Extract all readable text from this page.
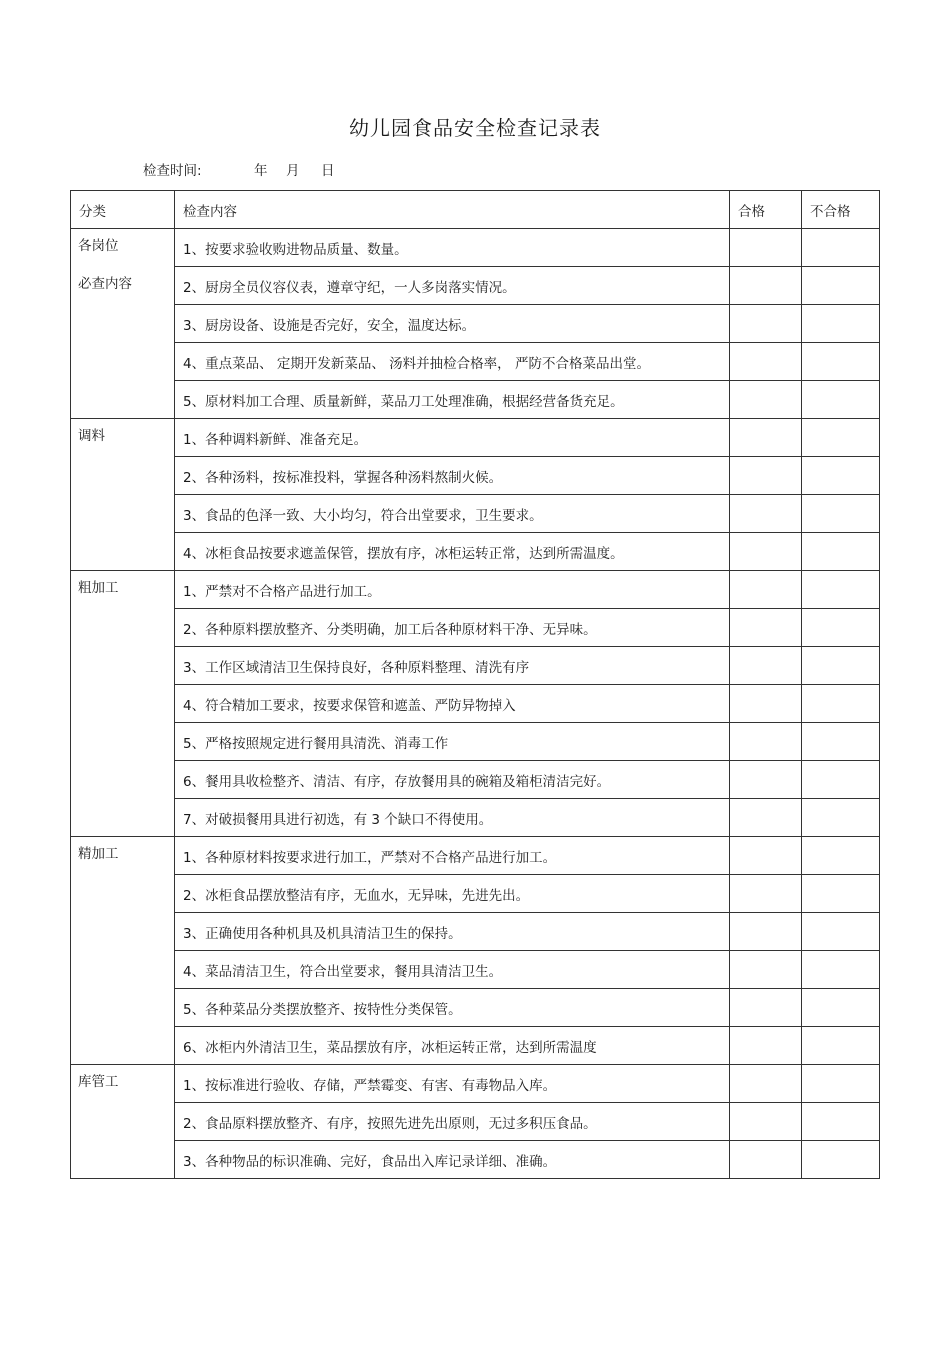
幼儿园食品安全检查记录表
检查时间:	年 月 日
分类	检查内容	合格	不合格

各岗位
必查内容	1、按要求验收购进物品质量、数量。		
	2、厨房全员仪容仪表，遵章守纪，一人多岗落实情况。		
	3、厨房设备、设施是否完好，安全，温度达标。		
	4、重点菜品、 定期开发新菜品、 汤料并抽检合格率， 严防不合格菜品出堂。		
	5、原材料加工合理、质量新鲜，菜品刀工处理准确，根据经营备货充足。		

调料	1、各种调料新鲜、准备充足。		
	2、各种汤料，按标准投料，掌握各种汤料熬制火候。		
	3、食品的色泽一致、大小均匀，符合出堂要求，卫生要求。		
	4、冰柜食品按要求遮盖保管，摆放有序，冰柜运转正常，达到所需温度。		

粗加工	1、严禁对不合格产品进行加工。		
	2、各种原料摆放整齐、分类明确，加工后各种原材料干净、无异味。		
	3、工作区域清洁卫生保持良好，各种原料整理、清洗有序		
	4、符合精加工要求，按要求保管和遮盖、严防异物掉入		
	5、严格按照规定进行餐用具清洗、消毒工作		
	6、餐用具收检整齐、清洁、有序，存放餐用具的碗箱及箱柜清洁完好。		
	7、对破损餐用具进行初选，有 3 个缺口不得使用。		

精加工	1、各种原材料按要求进行加工，严禁对不合格产品进行加工。		
	2、冰柜食品摆放整洁有序，无血水，无异味，先进先出。		
	3、正确使用各种机具及机具清洁卫生的保持。		
	4、菜品清洁卫生，符合出堂要求，餐用具清洁卫生。		
	5、各种菜品分类摆放整齐、按特性分类保管。		
	6、冰柜内外清洁卫生，菜品摆放有序，冰柜运转正常，达到所需温度		

库管工	1、按标准进行验收、存储，严禁霉变、有害、有毒物品入库。		
	2、食品原料摆放整齐、有序，按照先进先出原则，无过多积压食品。		
	3、各种物品的标识准确、完好，食品出入库记录详细、准确。		
